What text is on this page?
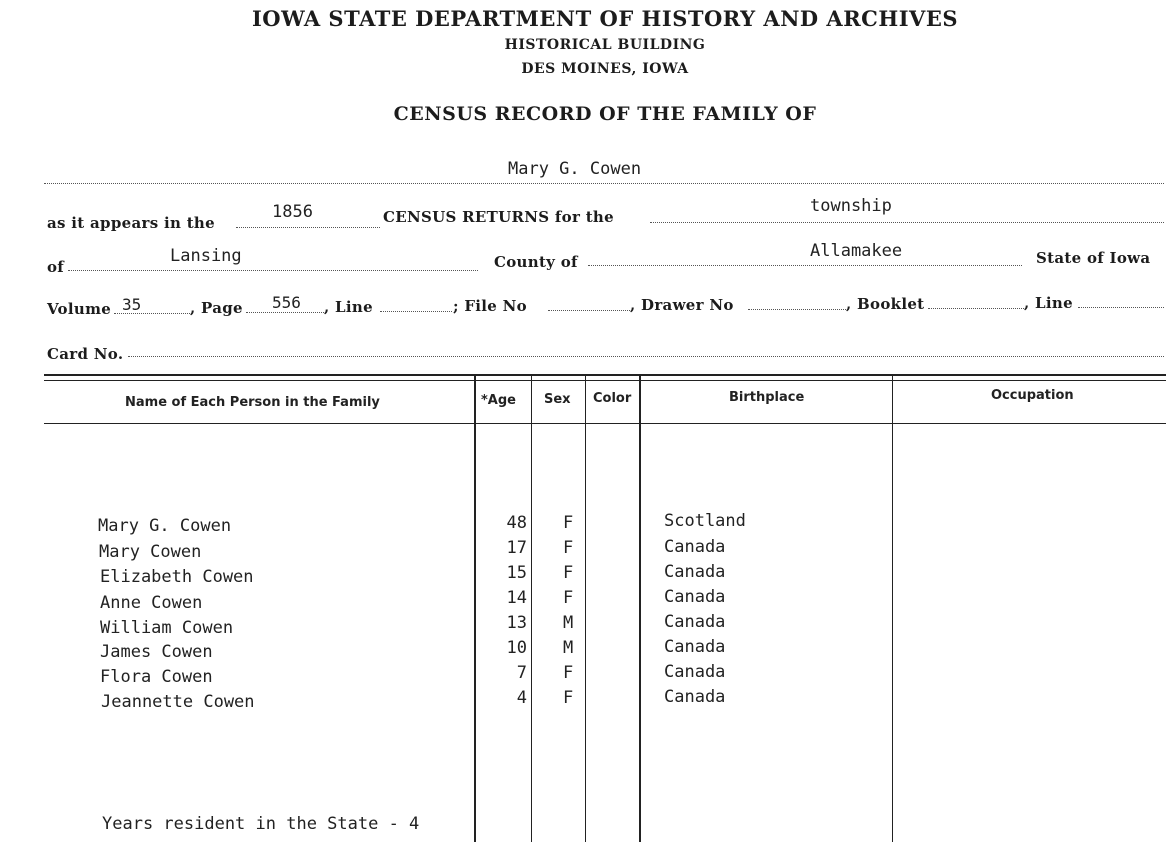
IOWA STATE DEPARTMENT OF HISTORY AND ARCHIVES
HISTORICAL BUILDING
DES MOINES, IOWA
CENSUS RECORD OF THE FAMILY OF
Mary G. Cowen
as it appears in the
1856	CENSUS RETURNS for the
township
of
Lansing	County of
Allamakee	State of Iowa
Volume 35	, Page 556 , Line	; File No	, Drawer No	, Booklet	, Line
Card No.
Name of Each Person in the Family	*Age Sex Color	Birthplace	Occupation
Mary G. Cowen	48 F	Scotland
Mary Cowen	17 F	Canada
Elizabeth Cowen	15 F	Canada
Anne Cowen	14 F	Canada
William Cowen	13 M	Canada
James Cowen	10 M	Canada
Flora Cowen	7 F	Canada
Jeannette Cowen	4 F	Canada
Years resident in the State - 4
